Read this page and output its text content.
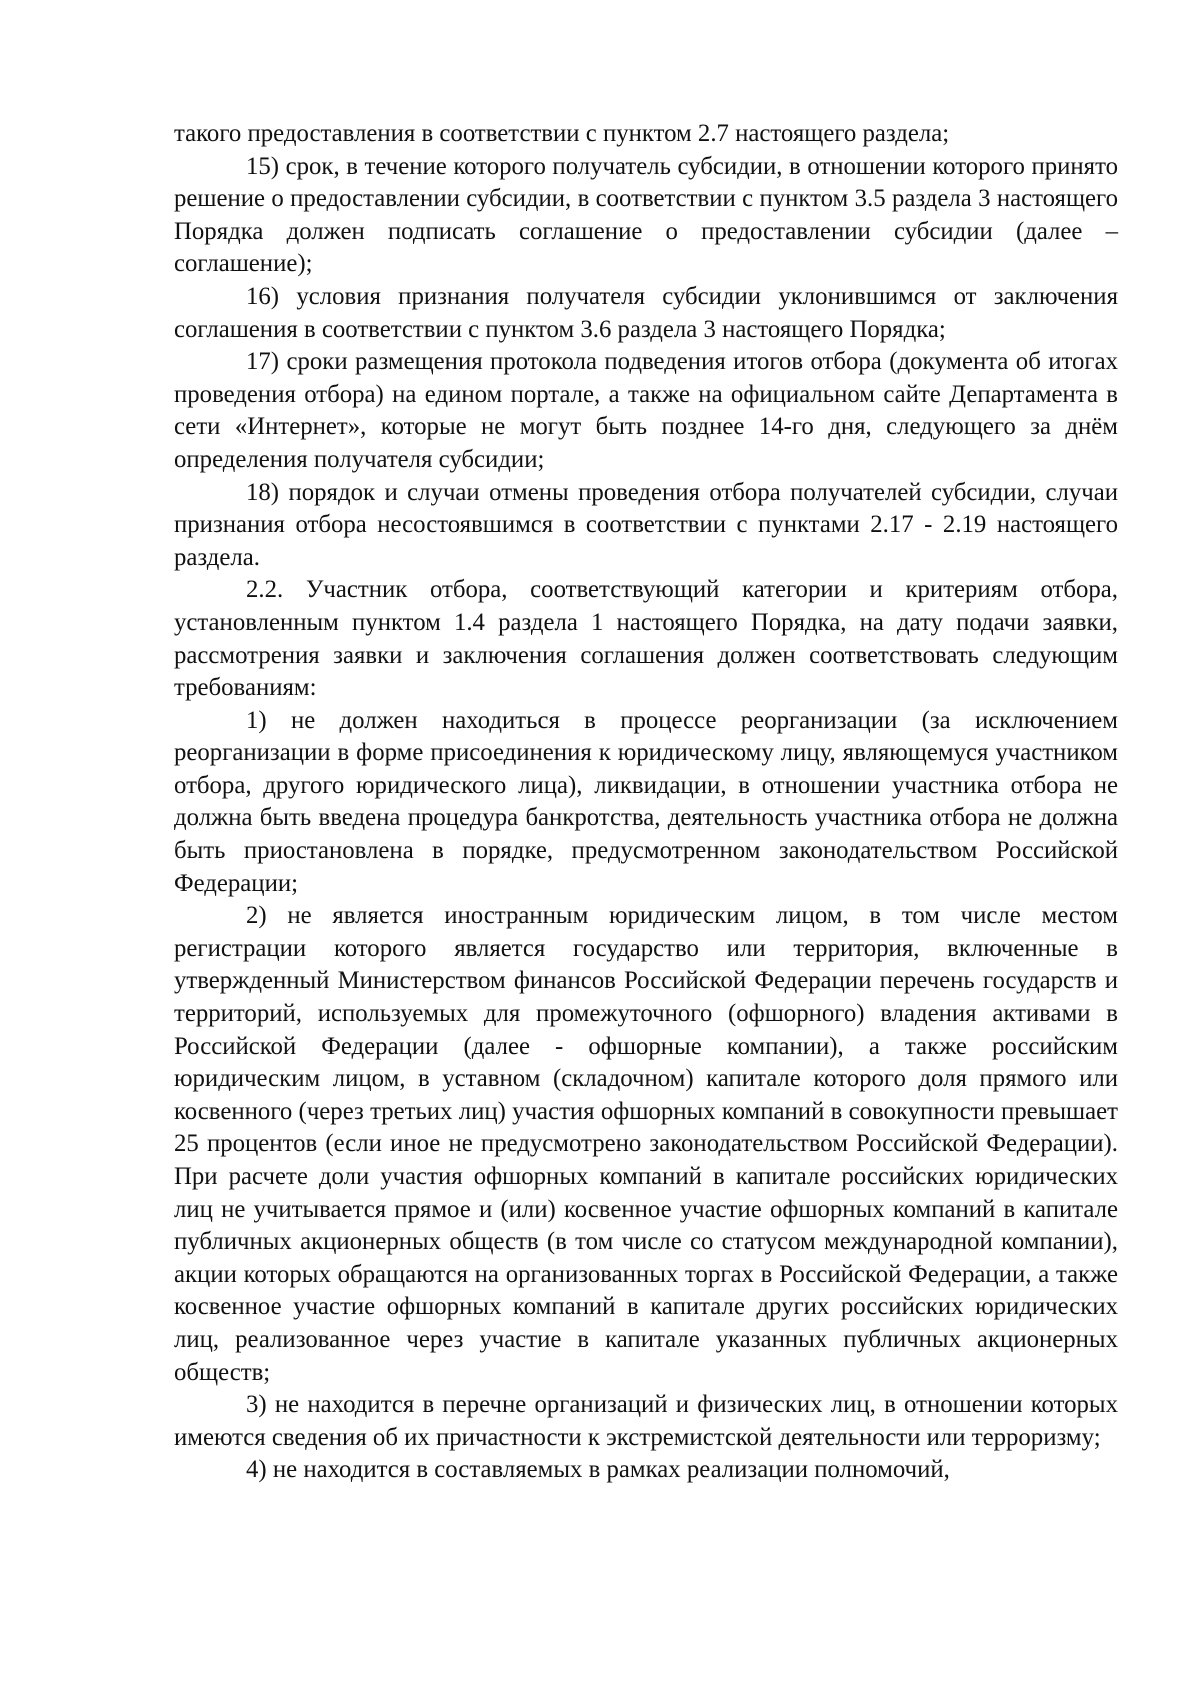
такого предоставления в соответствии с пунктом 2.7 настоящего раздела;

15) срок, в течение которого получатель субсидии, в отношении которого принято решение о предоставлении субсидии, в соответствии с пунктом 3.5 раздела 3 настоящего Порядка должен подписать соглашение о предоставлении субсидии (далее – соглашение);

16) условия признания получателя субсидии уклонившимся от заключения соглашения в соответствии с пунктом 3.6 раздела 3 настоящего Порядка;

17) сроки размещения протокола подведения итогов отбора (документа об итогах проведения отбора) на едином портале, а также на официальном сайте Департамента в сети «Интернет», которые не могут быть позднее 14-го дня, следующего за днём определения получателя субсидии;

18) порядок и случаи отмены проведения отбора получателей субсидии, случаи признания отбора несостоявшимся в соответствии с пунктами 2.17 - 2.19 настоящего раздела.

2.2. Участник отбора, соответствующий категории и критериям отбора, установленным пунктом 1.4 раздела 1 настоящего Порядка, на дату подачи заявки, рассмотрения заявки и заключения соглашения должен соответствовать следующим требованиям:

1) не должен находиться в процессе реорганизации (за исключением реорганизации в форме присоединения к юридическому лицу, являющемуся участником отбора, другого юридического лица), ликвидации, в отношении участника отбора не должна быть введена процедура банкротства, деятельность участника отбора не должна быть приостановлена в порядке, предусмотренном законодательством Российской Федерации;

2) не является иностранным юридическим лицом, в том числе местом регистрации которого является государство или территория, включенные в утвержденный Министерством финансов Российской Федерации перечень государств и территорий, используемых для промежуточного (офшорного) владения активами в Российской Федерации (далее - офшорные компании), а также российским юридическим лицом, в уставном (складочном) капитале которого доля прямого или косвенного (через третьих лиц) участия офшорных компаний в совокупности превышает 25 процентов (если иное не предусмотрено законодательством Российской Федерации). При расчете доли участия офшорных компаний в капитале российских юридических лиц не учитывается прямое и (или) косвенное участие офшорных компаний в капитале публичных акционерных обществ (в том числе со статусом международной компании), акции которых обращаются на организованных торгах в Российской Федерации, а также косвенное участие офшорных компаний в капитале других российских юридических лиц, реализованное через участие в капитале указанных публичных акционерных обществ;

3) не находится в перечне организаций и физических лиц, в отношении которых имеются сведения об их причастности к экстремистской деятельности или терроризму;

4) не находится в составляемых в рамках реализации полномочий,
